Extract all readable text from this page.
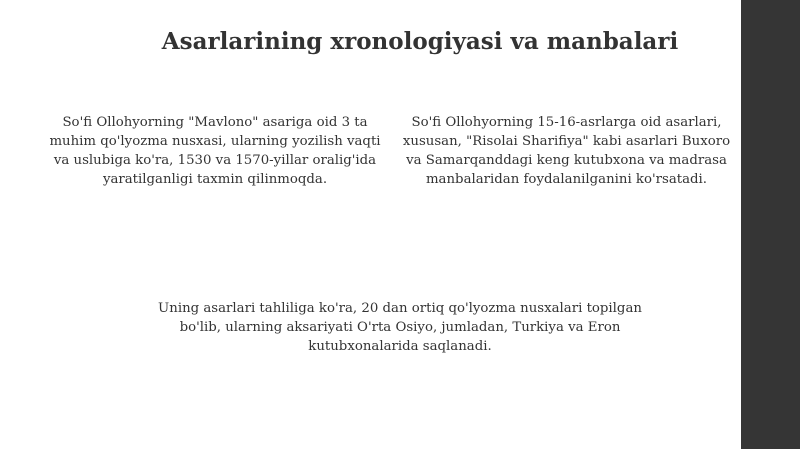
Asarlarining xronologiyasi va manbalari
So'fi Ollohyorning "Mavlono" asariga oid 3 ta muhim qo'lyozma nusxasi, ularning yozilish vaqti va uslubiga ko'ra, 1530 va 1570-yillar oralig'ida yaratilganligi taxmin qilinmoqda.
So'fi Ollohyorning 15-16-asrlarga oid asarlari,
xususan, "Risolai Sharifiya" kabi asarlari Buxoro
va Samarqanddagi keng kutubxona va madrasa
manbalaridan foydalanilganini ko'rsatadi.
Uning asarlari tahliliga ko'ra, 20 dan ortiq qo'lyozma nusxalari topilgan bo'lib, ularning aksariyati O'rta Osiyo, jumladan, Turkiya va Eron kutubxonalarida saqlanadi.
